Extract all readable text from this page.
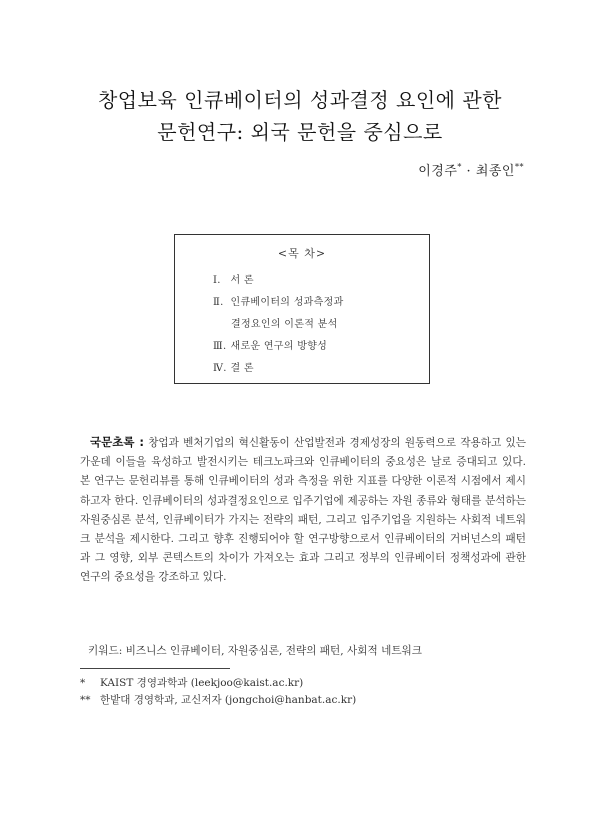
창업보육 인큐베이터의 성과결정 요인에 관한
문헌연구: 외국 문헌을 중심으로
이경주* · 최종인**
<목 차>
Ⅰ. 서 론
Ⅱ. 인큐베이터의 성과측정과
결정요인의 이론적 분석
Ⅲ. 새로운 연구의 방향성
Ⅳ. 결 론
국문초록 : 창업과 벤처기업의 혁신활동이 산업발전과 경제성장의 원동력으로 작용하고 있는 가운데 이들을 육성하고 발전시키는 테크노파크와 인큐베이터의 중요성은 날로 증대되고 있다. 본 연구는 문헌리뷰를 통해 인큐베이터의 성과 측정을 위한 지표를 다양한 이론적 시점에서 제시하고자 한다. 인큐베이터의 성과결정요인으로 입주기업에 제공하는 자원 종류와 형태를 분석하는 자원중심론 분석, 인큐베이터가 가지는 전략의 패턴, 그리고 입주기업을 지원하는 사회적 네트워크 분석을 제시한다. 그리고 향후 진행되어야 할 연구방향으로서 인큐베이터의 거버넌스의 패턴과 그 영향, 외부 콘텍스트의 차이가 가져오는 효과 그리고 정부의 인큐베이터 정책성과에 관한 연구의 중요성을 강조하고 있다.
키워드: 비즈니스 인큐베이터, 자원중심론, 전략의 패턴, 사회적 네트워크
* KAIST 경영과학과 (leekjoo@kaist.ac.kr)
** 한밭대 경영학과, 교신저자 (jongchoi@hanbat.ac.kr)
